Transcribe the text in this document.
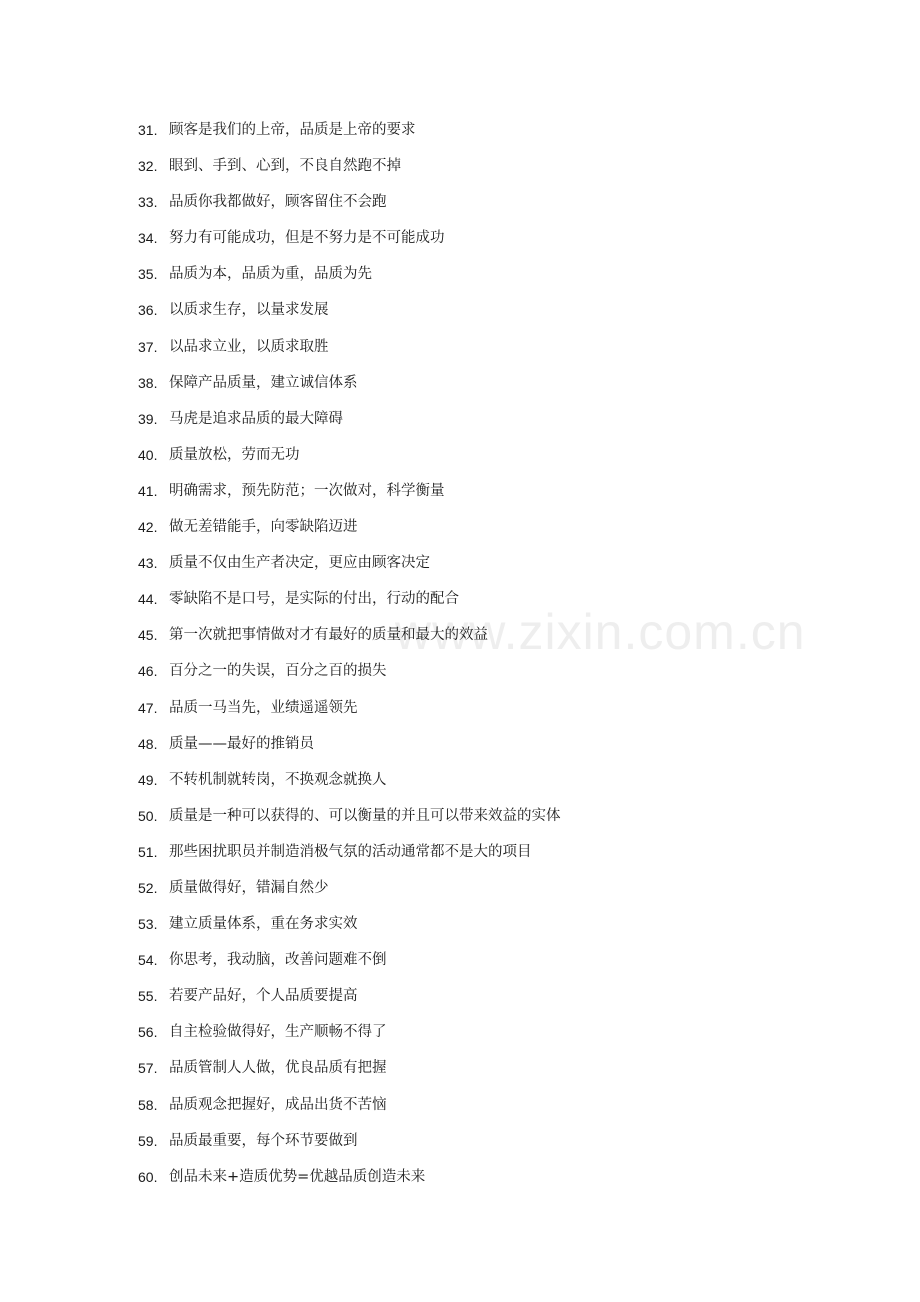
www.zixin.com.cn
31. 顾客是我们的上帝，品质是上帝的要求
32. 眼到、手到、心到，不良自然跑不掉
33. 品质你我都做好，顾客留住不会跑
34. 努力有可能成功，但是不努力是不可能成功
35. 品质为本，品质为重，品质为先
36. 以质求生存，以量求发展
37. 以品求立业，以质求取胜
38. 保障产品质量，建立诚信体系
39. 马虎是追求品质的最大障碍
40. 质量放松，劳而无功
41. 明确需求，预先防范；一次做对，科学衡量
42. 做无差错能手，向零缺陷迈进
43. 质量不仅由生产者决定，更应由顾客决定
44. 零缺陷不是口号，是实际的付出，行动的配合
45. 第一次就把事情做对才有最好的质量和最大的效益
46. 百分之一的失误，百分之百的损失
47. 品质一马当先，业绩遥遥领先
48. 质量——最好的推销员
49. 不转机制就转岗，不换观念就换人
50. 质量是一种可以获得的、可以衡量的并且可以带来效益的实体
51. 那些困扰职员并制造消极气氛的活动通常都不是大的项目
52. 质量做得好，错漏自然少
53. 建立质量体系，重在务求实效
54. 你思考，我动脑，改善问题难不倒
55. 若要产品好，个人品质要提高
56. 自主检验做得好，生产顺畅不得了
57. 品质管制人人做，优良品质有把握
58. 品质观念把握好，成品出货不苦恼
59. 品质最重要，每个环节要做到
60. 创品未来+造质优势=优越品质创造未来
